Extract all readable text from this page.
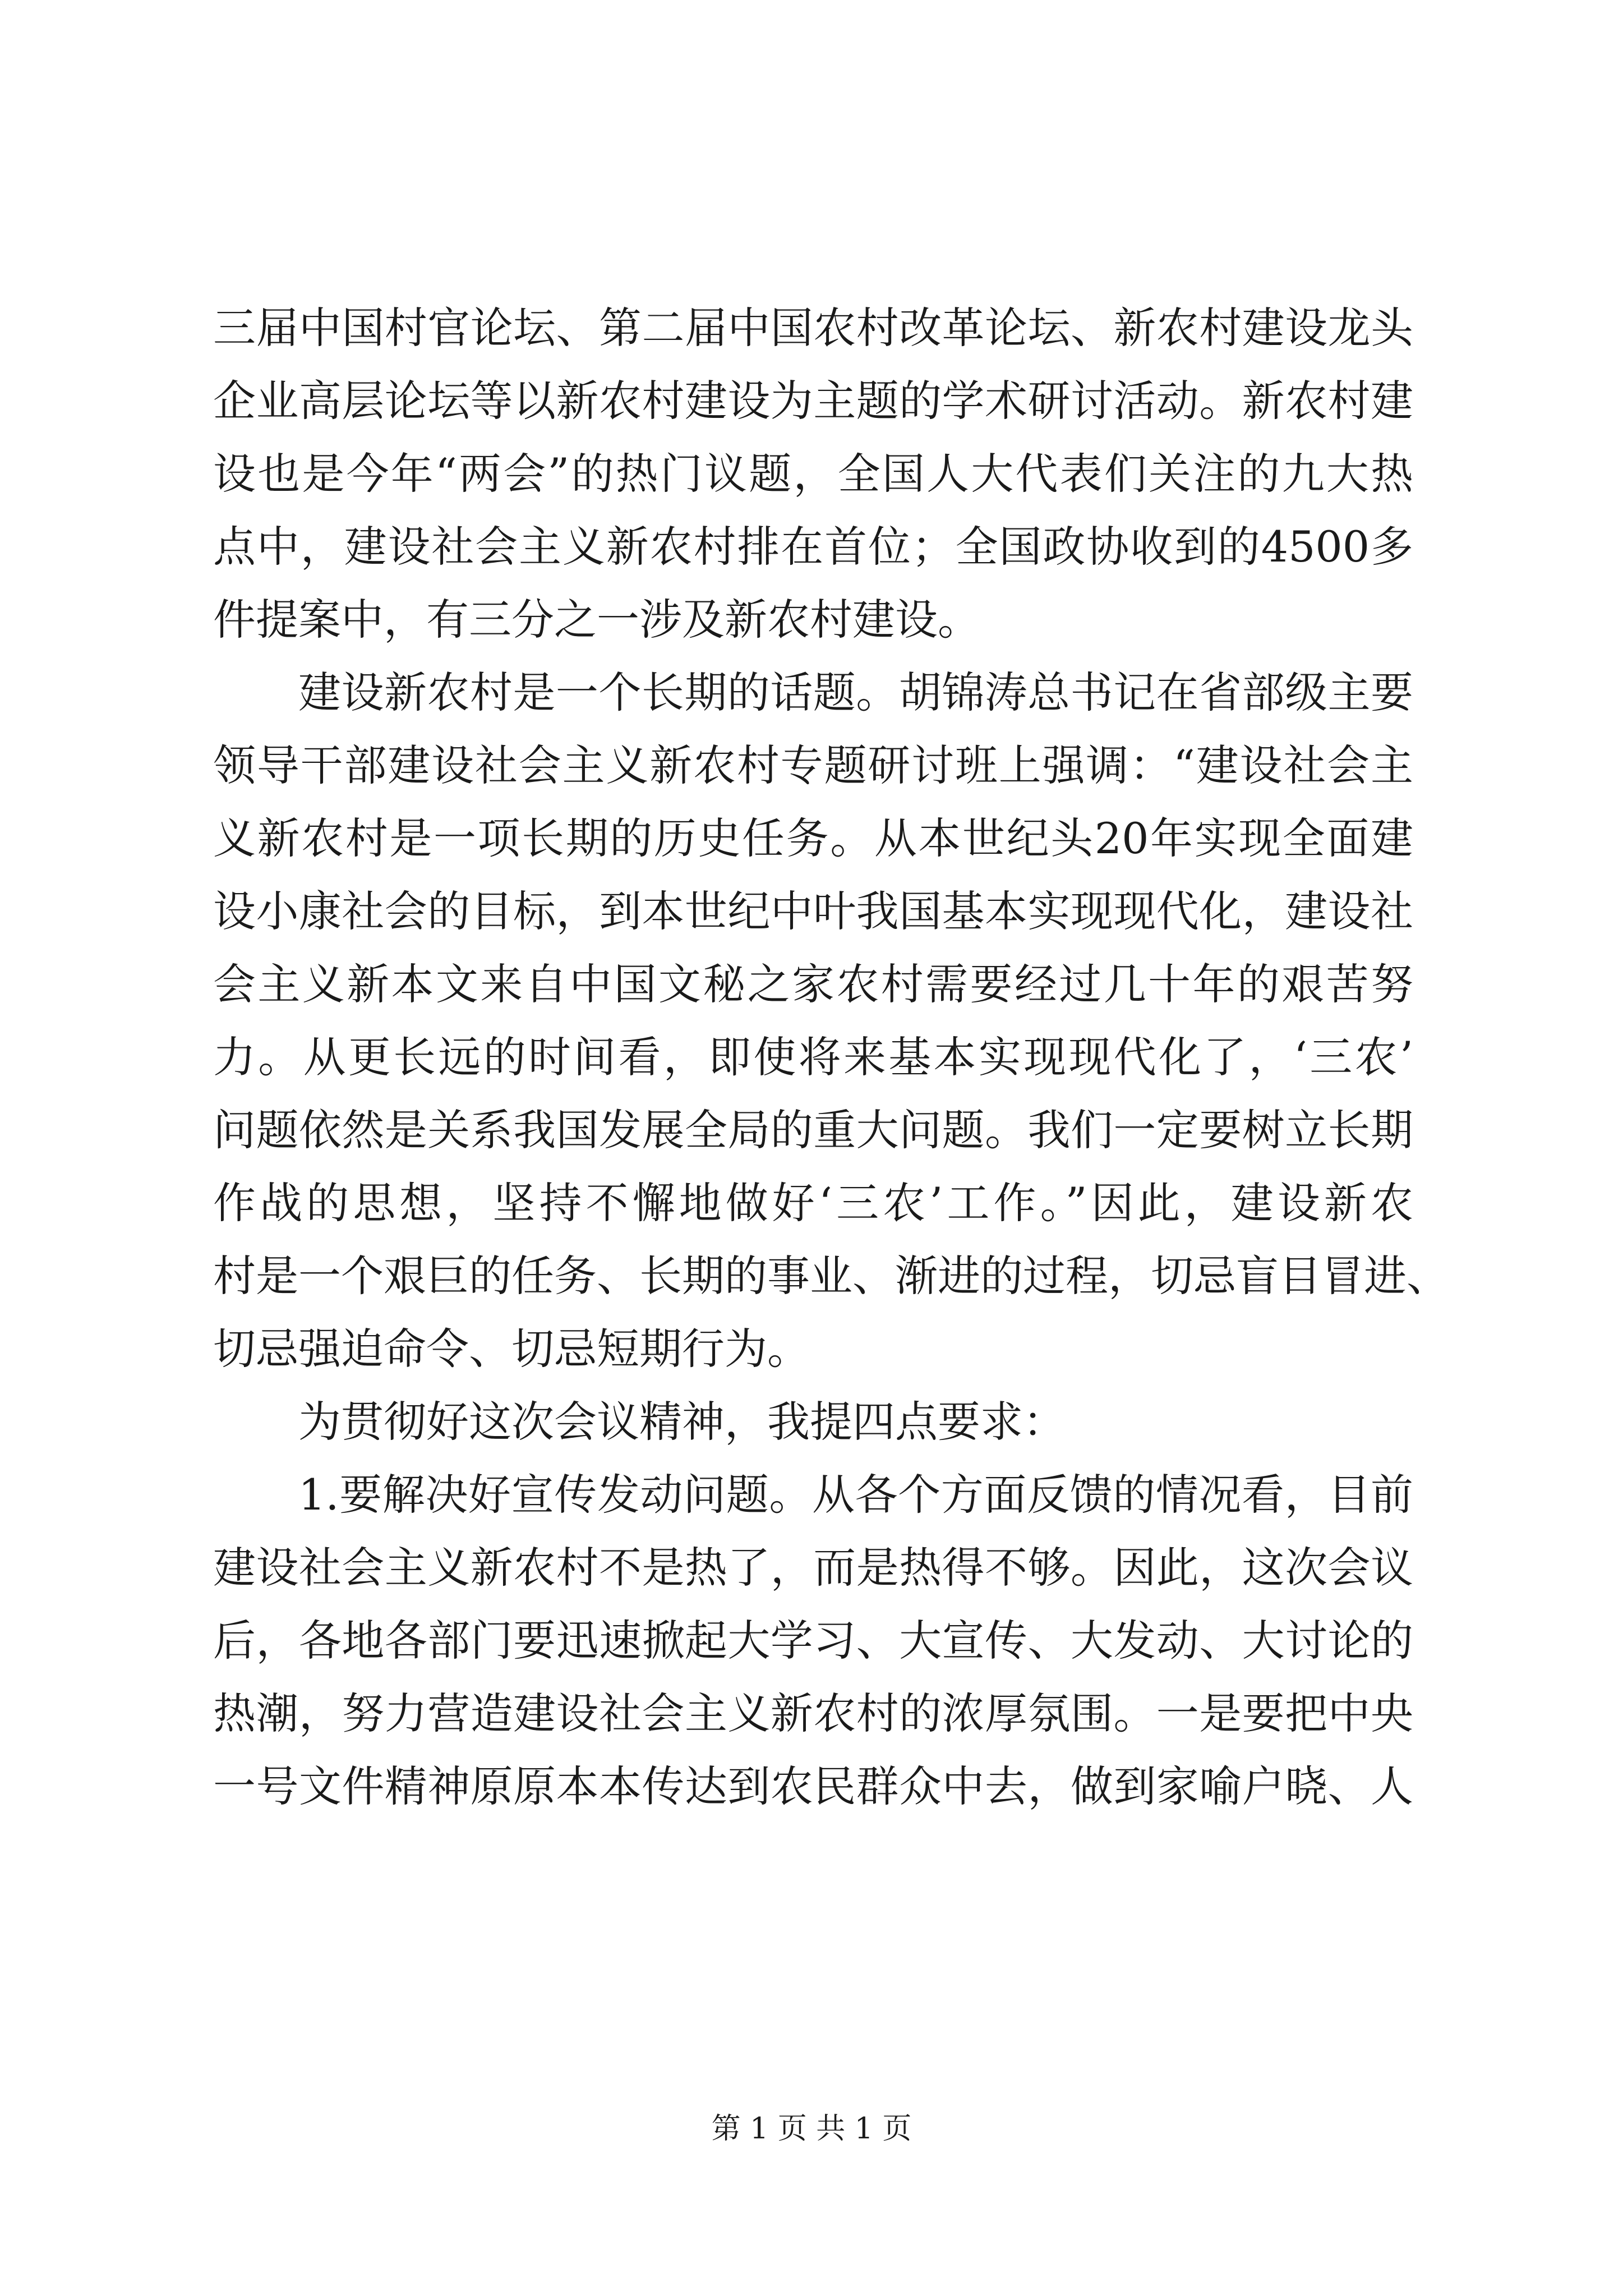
三届中国村官论坛、第二届中国农村改革论坛、新农村建设龙头
企业高层论坛等以新农村建设为主题的学术研讨活动。新农村建
设也是今年“两会”的热门议题，全国人大代表们关注的九大热
点中，建设社会主义新农村排在首位；全国政协收到的4500多
件提案中，有三分之一涉及新农村建设。
建设新农村是一个长期的话题。胡锦涛总书记在省部级主要
领导干部建设社会主义新农村专题研讨班上强调：“建设社会主
义新农村是一项长期的历史任务。从本世纪头20年实现全面建
设小康社会的目标，到本世纪中叶我国基本实现现代化，建设社
会主义新本文来自中国文秘之家农村需要经过几十年的艰苦努
力。从更长远的时间看，即使将来基本实现现代化了，‘三农’
问题依然是关系我国发展全局的重大问题。我们一定要树立长期
作战的思想，坚持不懈地做好‘三农’工作。”因此，建设新农
村是一个艰巨的任务、长期的事业、渐进的过程，切忌盲目冒进、
切忌强迫命令、切忌短期行为。
为贯彻好这次会议精神，我提四点要求：
1.要解决好宣传发动问题。从各个方面反馈的情况看，目前
建设社会主义新农村不是热了，而是热得不够。因此，这次会议
后，各地各部门要迅速掀起大学习、大宣传、大发动、大讨论的
热潮，努力营造建设社会主义新农村的浓厚氛围。一是要把中央
一号文件精神原原本本传达到农民群众中去，做到家喻户晓、人
第 1 页 共 1 页
